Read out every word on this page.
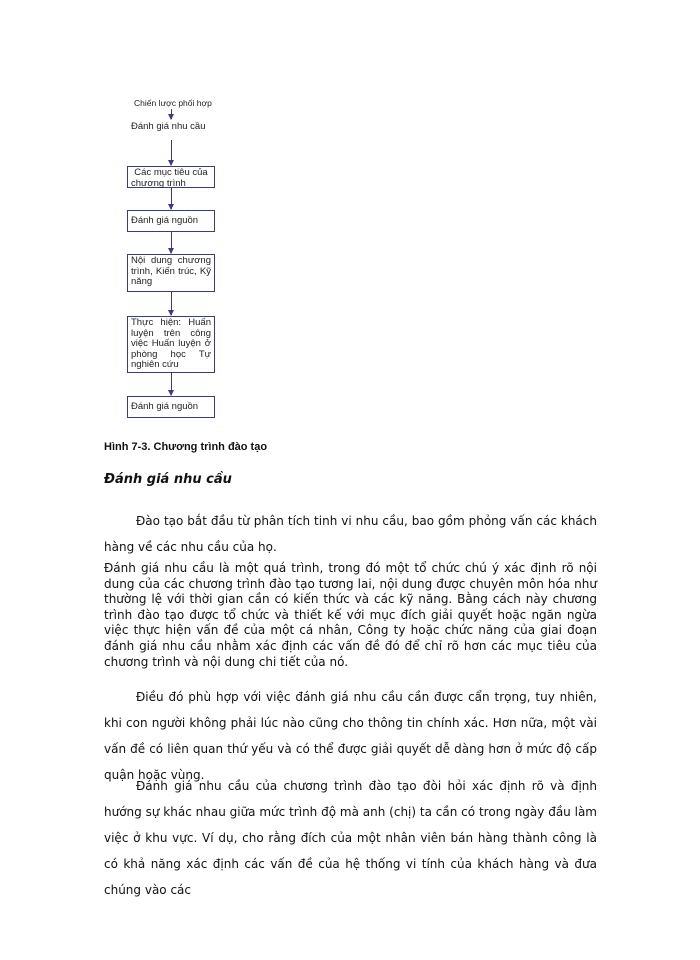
Chiến lược phối hợp
Đánh giá nhu cầu
Các mục tiêu của chương trình
Đánh giá nguồn
Nội dung chương trình, Kiến trúc, Kỹ năng
Thực hiện: Huấn luyện trên công việc Huấn luyện ở phòng học Tự nghiên cứu
Đánh giá nguồn
Hình 7-3. Chương trình đào tạo
Đánh giá nhu cầu
Đào tạo bắt đầu từ phân tích tinh vi nhu cầu, bao gồm phỏng vấn các khách hàng về các nhu cầu của họ.
Đánh giá nhu cầu là một quá trình, trong đó một tổ chức chú ý xác định rõ nội dung của các chương trình đào tạo tương lai, nội dung được chuyên môn hóa như thường lệ với thời gian cần có kiến thức và các kỹ năng. Bằng cách này chương trình đào tạo được tổ chức và thiết kế với mục đích giải quyết hoặc ngăn ngừa việc thực hiện vấn đề của một cá nhân, Công ty hoặc chức năng của giai đoạn đánh giá nhu cầu nhằm xác định các vấn đề đó để chỉ rõ hơn các mục tiêu của chương trình và nội dung chi tiết của nó.
Điều đó phù hợp với việc đánh giá nhu cầu cần được cẩn trọng, tuy nhiên, khi con người không phải lúc nào cũng cho thông tin chính xác. Hơn nữa, một vài vấn đề có liên quan thứ yếu và có thể được giải quyết dễ dàng hơn ở mức độ cấp quận hoặc vùng.
Đánh giá nhu cầu của chương trình đào tạo đòi hỏi xác định rõ và định hướng sự khác nhau giữa mức trình độ mà anh (chị) ta cần có trong ngày đầu làm việc ở khu vực. Ví dụ, cho rằng đích của một nhân viên bán hàng thành công là có khả năng xác định các vấn đề của hệ thống vi tính của khách hàng và đưa chúng vào các
